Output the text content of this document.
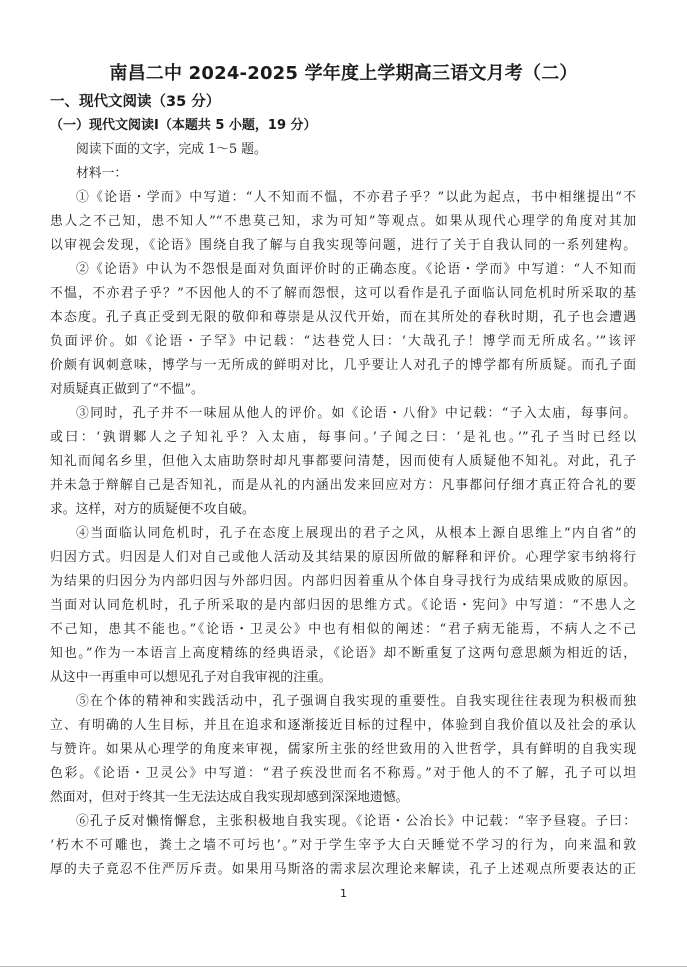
南昌二中 2024-2025 学年度上学期高三语文月考（二）
一、现代文阅读（35 分）
（一）现代文阅读Ⅰ（本题共 5 小题，19 分）
阅读下面的文字，完成 1～5 题。
材料一：
①《论语・学而》中写道：“人不知而不愠，不亦君子乎？”以此为起点，书中相继提出“不
患人之不己知，患不知人”“不患莫己知，求为可知”等观点。如果从现代心理学的角度对其加
以审视会发现，《论语》围绕自我了解与自我实现等问题，进行了关于自我认同的一系列建构。
②《论语》中认为不怨恨是面对负面评价时的正确态度。《论语・学而》中写道：“人不知而
不愠，不亦君子乎？”不因他人的不了解而怨恨，这可以看作是孔子面临认同危机时所采取的基
本态度。孔子真正受到无限的敬仰和尊崇是从汉代开始，而在其所处的春秋时期，孔子也会遭遇
负面评价。如《论语・子罕》中记载：“达巷党人曰：‘大哉孔子！博学而无所成名。’”该评
价颇有讽刺意味，博学与一无所成的鲜明对比，几乎要让人对孔子的博学都有所质疑。而孔子面
对质疑真正做到了“不愠”。
③同时，孔子并不一味屈从他人的评价。如《论语・八佾》中记载：“子入太庙，每事问。
或曰：‘孰谓鄹人之子知礼乎？入太庙，每事问。’子闻之曰：‘是礼也。’”孔子当时已经以
知礼而闻名乡里，但他入太庙助祭时却凡事都要问清楚，因而使有人质疑他不知礼。对此，孔子
并未急于辩解自己是否知礼，而是从礼的内涵出发来回应对方：凡事都问仔细才真正符合礼的要
求。这样，对方的质疑便不攻自破。
④当面临认同危机时，孔子在态度上展现出的君子之风，从根本上源自思维上“内自省”的
归因方式。归因是人们对自己或他人活动及其结果的原因所做的解释和评价。心理学家韦纳将行
为结果的归因分为内部归因与外部归因。内部归因着重从个体自身寻找行为成结果成败的原因。
当面对认同危机时，孔子所采取的是内部归因的思维方式。《论语・宪问》中写道：“不患人之
不己知，患其不能也。”《论语・卫灵公》中也有相似的阐述：“君子病无能焉，不病人之不己
知也。”作为一本语言上高度精练的经典语录，《论语》却不断重复了这两句意思颇为相近的话，
从这中一再重申可以想见孔子对自我审视的注重。
⑤在个体的精神和实践活动中，孔子强调自我实现的重要性。自我实现往往表现为积极而独
立、有明确的人生目标，并且在追求和逐渐接近目标的过程中，体验到自我价值以及社会的承认
与赞许。如果从心理学的角度来审视，儒家所主张的经世致用的入世哲学，具有鲜明的自我实现
色彩。《论语・卫灵公》中写道：“君子疾没世而名不称焉。”对于他人的不了解，孔子可以坦
然面对，但对于终其一生无法达成自我实现却感到深深地遗憾。
⑥孔子反对懒惰懈怠，主张积极地自我实现。《论语・公冶长》中记载：“宰予昼寝。子曰：
‘朽木不可雕也，粪土之墙不可圬也’。”对于学生宰予大白天睡觉不学习的行为，向来温和敦
厚的夫子竟忍不住严厉斥责。如果用马斯洛的需求层次理论来解读，孔子上述观点所要表达的正
1
